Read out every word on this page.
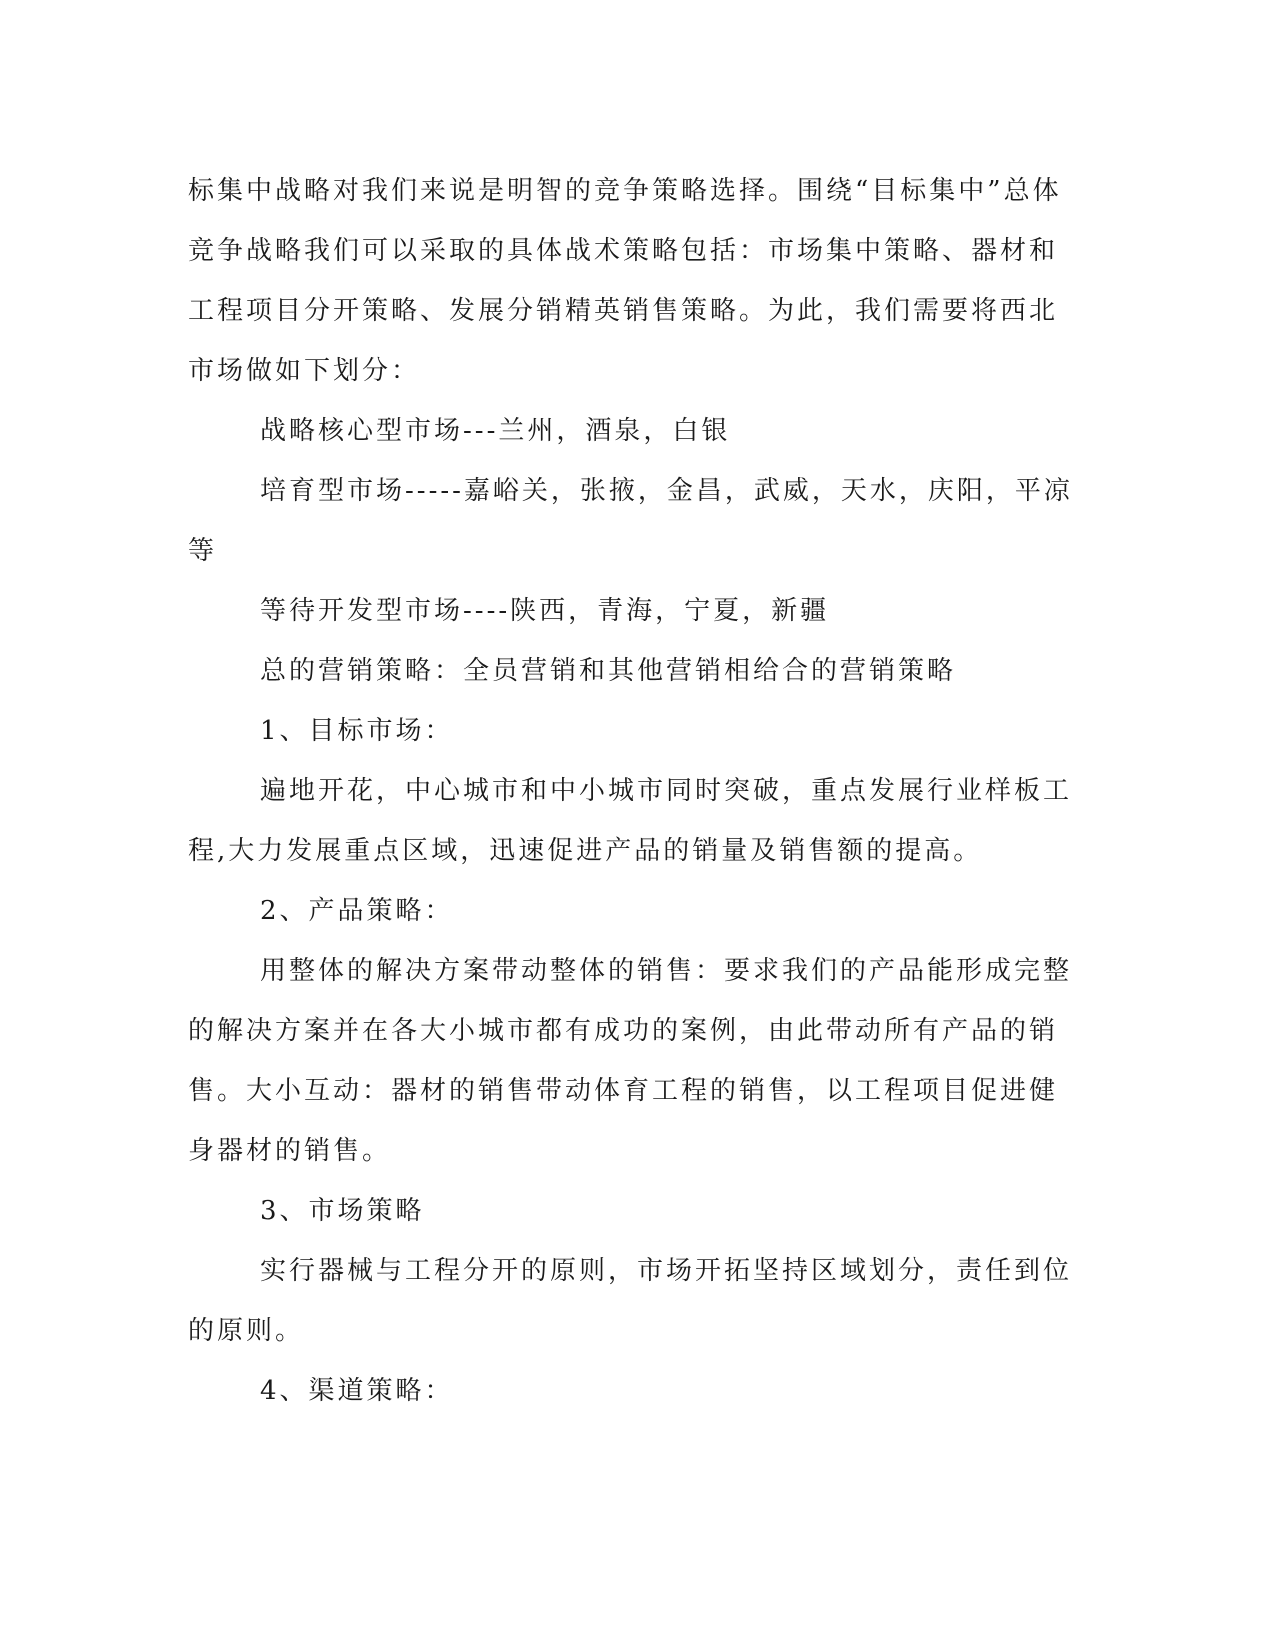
标集中战略对我们来说是明智的竞争策略选择。围绕“目标集中”总体
竞争战略我们可以采取的具体战术策略包括：市场集中策略、器材和
工程项目分开策略、发展分销精英销售策略。为此，我们需要将西北
市场做如下划分：
战略核心型市场---兰州，酒泉，白银
培育型市场-----嘉峪关，张掖，金昌，武威，天水，庆阳，平凉
等
等待开发型市场----陕西，青海，宁夏，新疆
总的营销策略：全员营销和其他营销相给合的营销策略
1、目标市场：
遍地开花，中心城市和中小城市同时突破，重点发展行业样板工
程,大力发展重点区域，迅速促进产品的销量及销售额的提高。
2、产品策略：
用整体的解决方案带动整体的销售：要求我们的产品能形成完整
的解决方案并在各大小城市都有成功的案例，由此带动所有产品的销
售。大小互动：器材的销售带动体育工程的销售，以工程项目促进健
身器材的销售。
3、市场策略
实行器械与工程分开的原则，市场开拓坚持区域划分，责任到位
的原则。
4、渠道策略：
